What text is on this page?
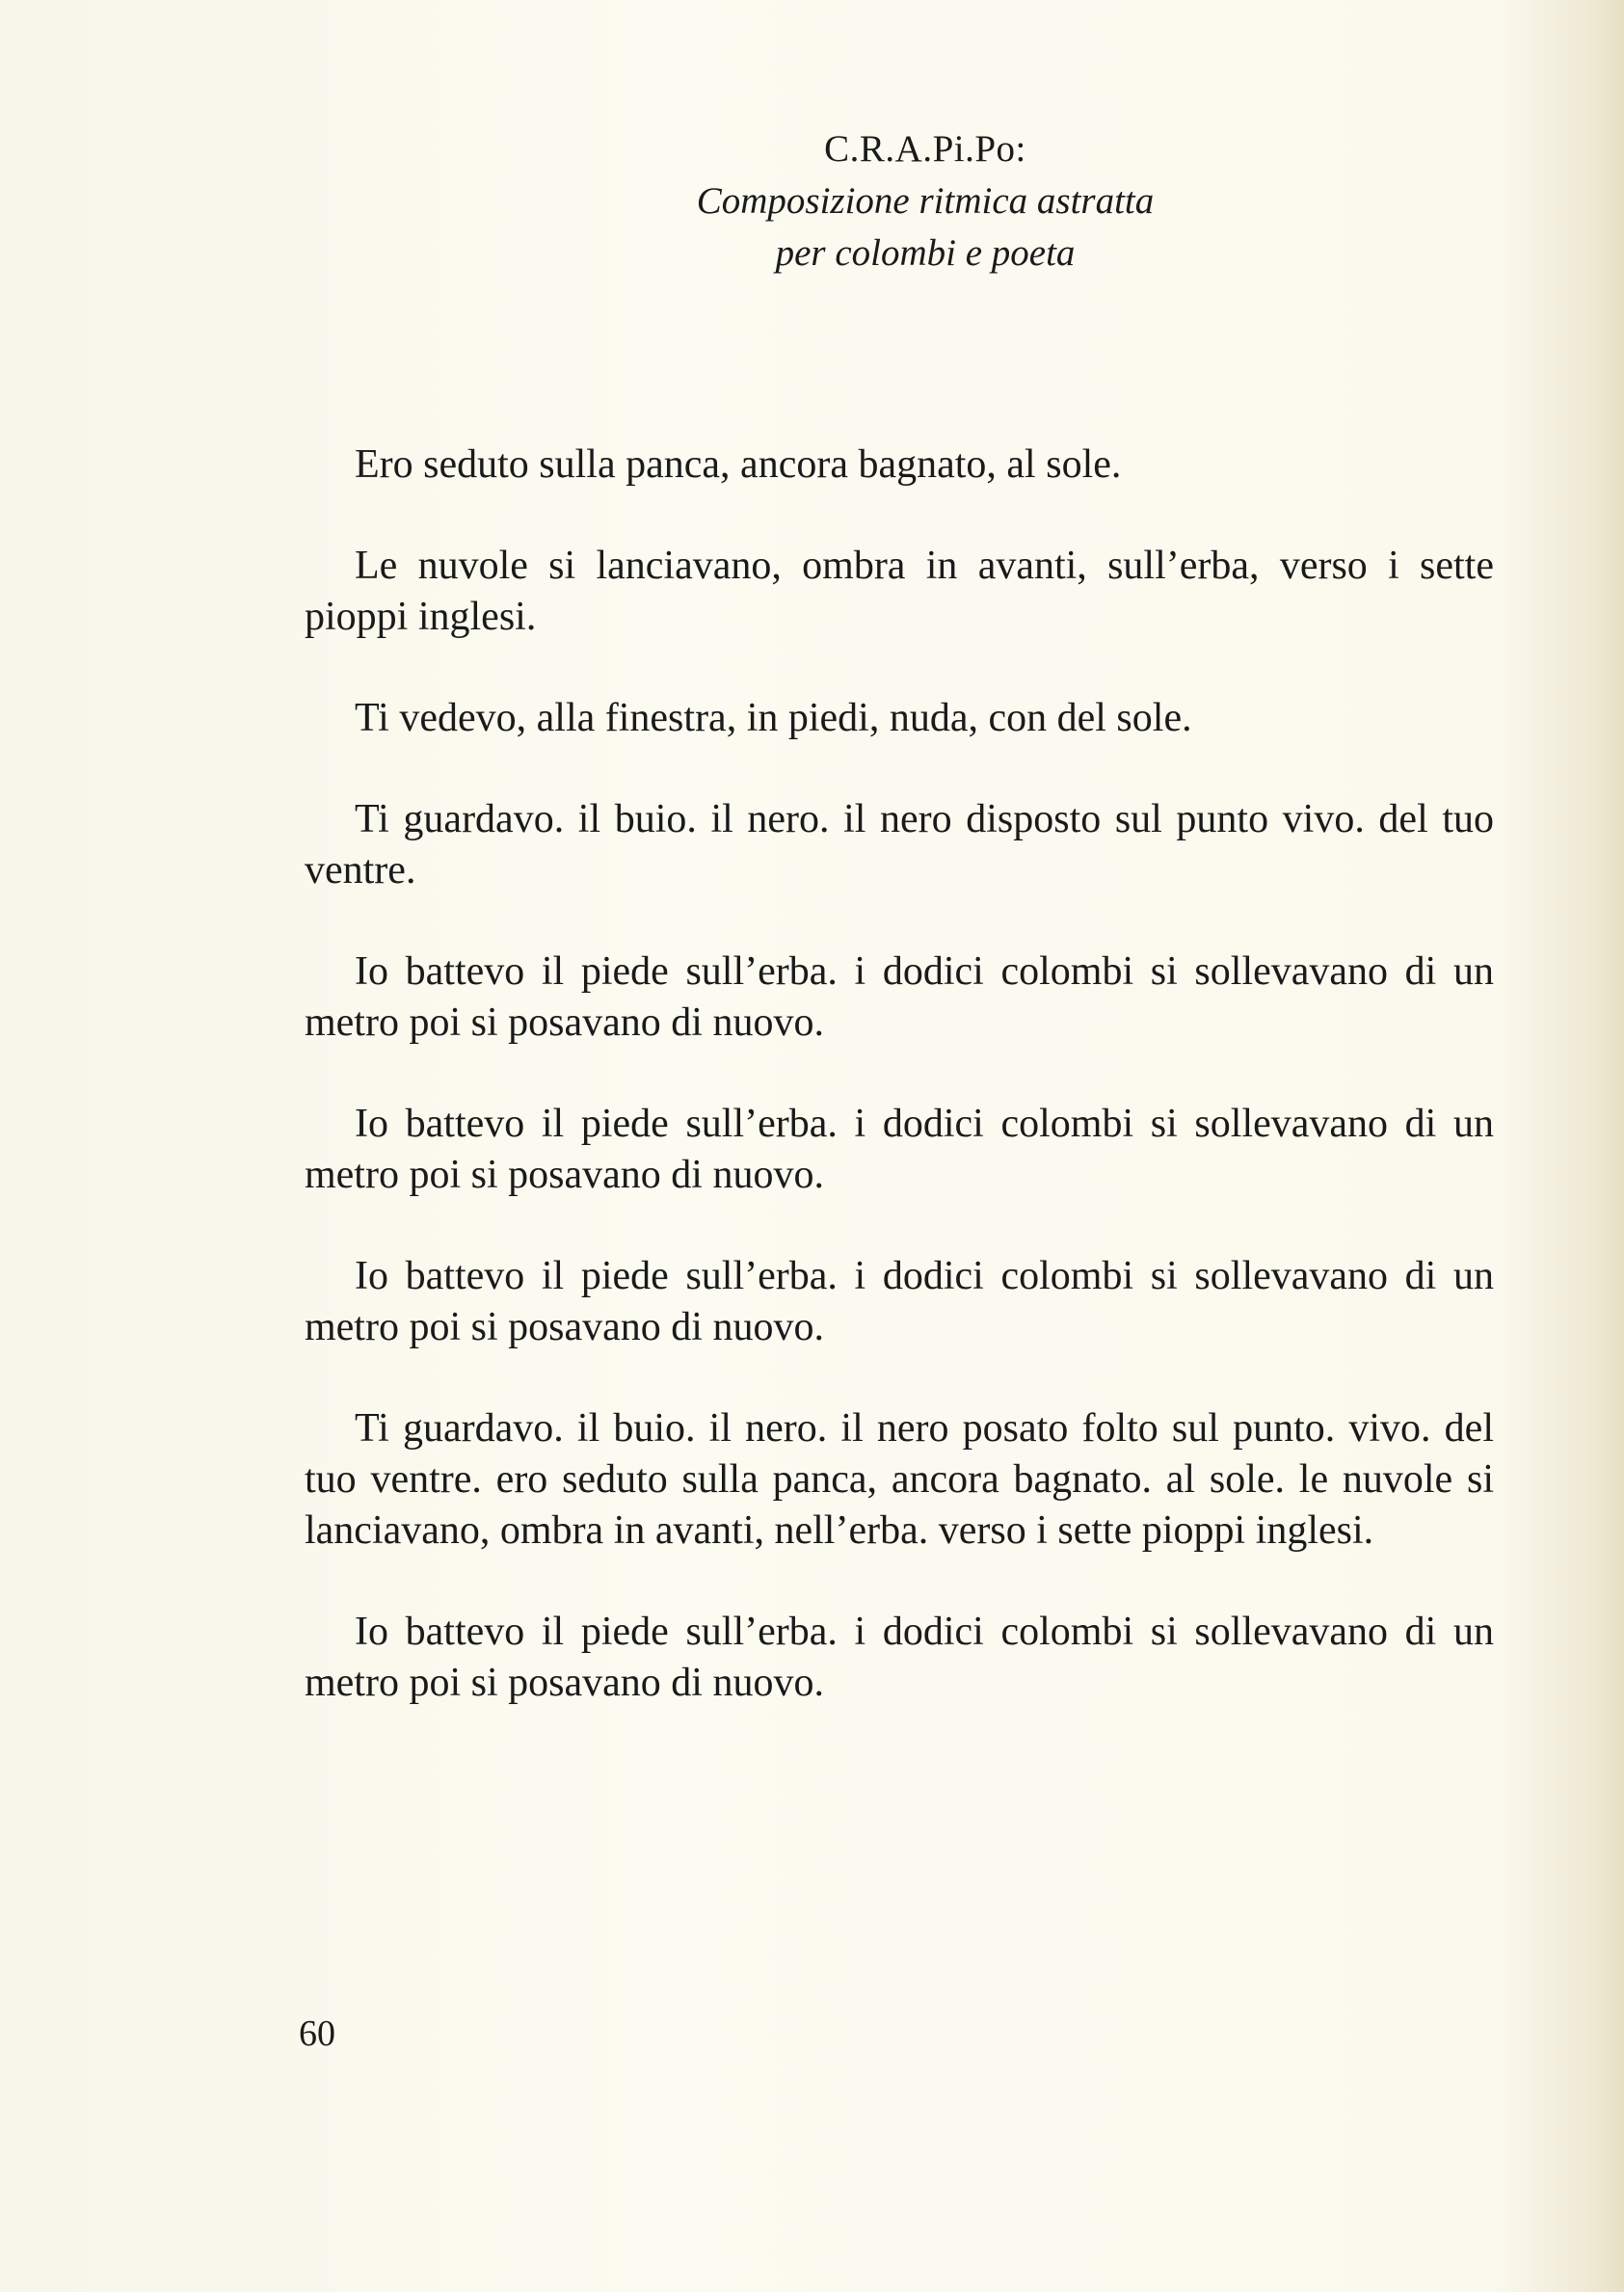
C.R.A.Pi.Po:
Composizione ritmica astratta
per colombi e poeta

Ero seduto sulla panca, ancora bagnato, al sole.

Le nuvole si lanciavano, ombra in avanti, sull’erba, verso i sette pioppi inglesi.

Ti vedevo, alla finestra, in piedi, nuda, con del sole.

Ti guardavo. il buio. il nero. il nero disposto sul punto vivo. del tuo ventre.

Io battevo il piede sull’erba. i dodici colombi si sollevavano di un metro poi si posavano di nuovo.

Io battevo il piede sull’erba. i dodici colombi si sollevavano di un metro poi si posavano di nuovo.

Io battevo il piede sull’erba. i dodici colombi si sollevavano di un metro poi si posavano di nuovo.

Ti guardavo. il buio. il nero. il nero posato folto sul punto. vivo. del tuo ventre. ero seduto sulla panca, ancora bagnato. al sole. le nuvole si lanciavano, ombra in avanti, nell’erba. verso i sette pioppi inglesi.

Io battevo il piede sull’erba. i dodici colombi si sollevavano di un metro poi si posavano di nuovo.

60
